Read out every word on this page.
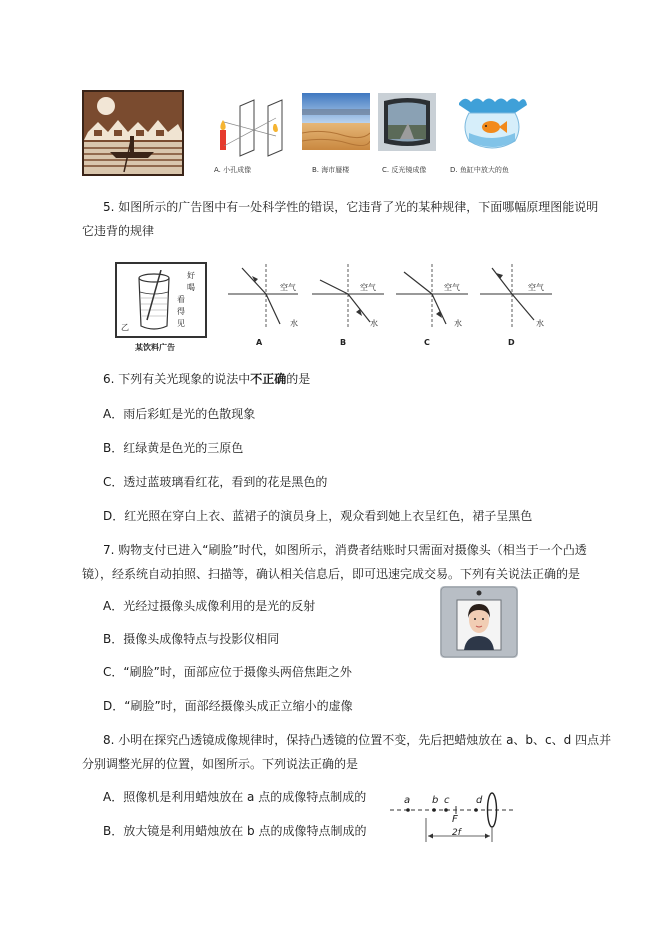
A. 小孔成像	B. 海市蜃楼	C. 反光镜成像	D. 鱼缸中放大的鱼
5. 如图所示的广告图中有一处科学性的错误，它违背了光的某种规律，下面哪幅原理图能说明
它违背的规律
好
喝
看
得
见
乙
某饮料广告
空气
水
空气
水
空气
水
空气
水
A	B	C	D
6. 下列有关光现象的说法中不正确的是
A．雨后彩虹是光的色散现象
B．红绿黄是色光的三原色
C．透过蓝玻璃看红花，看到的花是黑色的
D．红光照在穿白上衣、蓝裙子的演员身上，观众看到她上衣呈红色，裙子呈黑色
7. 购物支付已进入“刷脸”时代，如图所示，消费者结账时只需面对摄像头（相当于一个凸透
镜），经系统自动拍照、扫描等，确认相关信息后，即可迅速完成交易。下列有关说法正确的是
A．光经过摄像头成像利用的是光的反射
B．摄像头成像特点与投影仪相同
C．“刷脸”时，面部应位于摄像头两倍焦距之外
D．“刷脸”时，面部经摄像头成正立缩小的虚像
8. 小明在探究凸透镜成像规律时，保持凸透镜的位置不变，先后把蜡烛放在 a、b、c、d 四点并
分别调整光屏的位置，如图所示。下列说法正确的是
A．照像机是利用蜡烛放在 a 点的成像特点制成的
B．放大镜是利用蜡烛放在 b 点的成像特点制成的
a b c	d
F
2f
